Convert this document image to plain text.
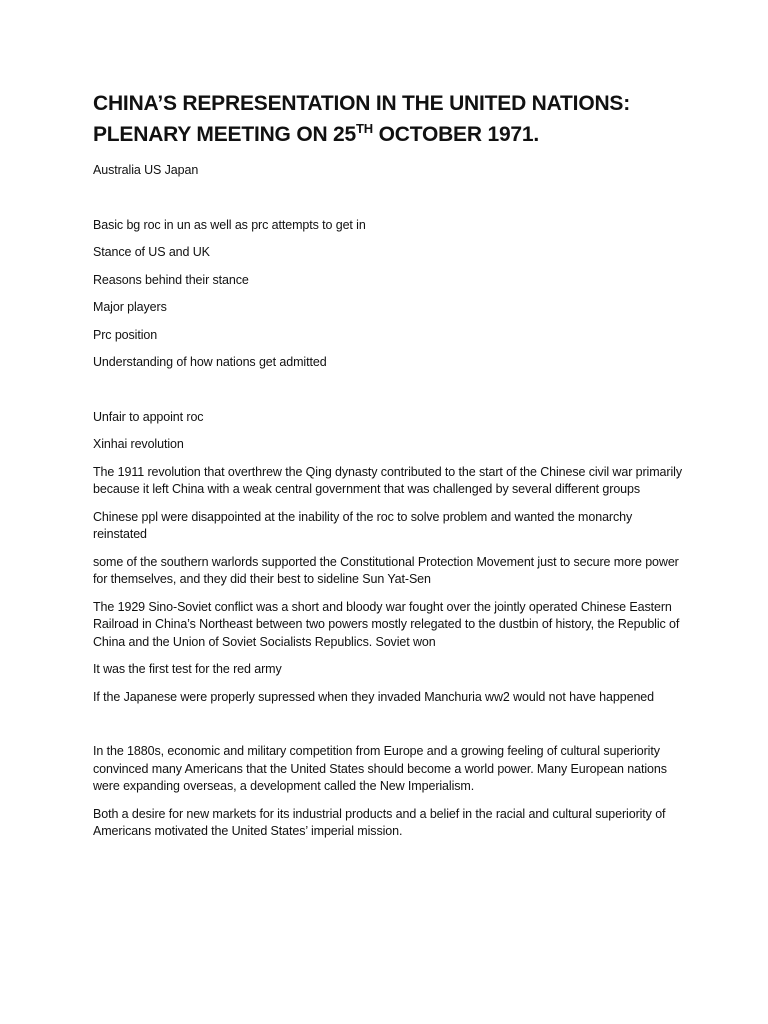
CHINA’S REPRESENTATION IN THE UNITED NATIONS: PLENARY MEETING ON 25TH OCTOBER 1971.

Australia US Japan

Basic bg roc in un as well as prc attempts to get in

Stance of US and UK

Reasons behind their stance

Major players

Prc position

Understanding of how nations get admitted

Unfair to appoint roc

Xinhai revolution

The 1911 revolution that overthrew the Qing dynasty contributed to the start of the Chinese civil war primarily because it left China with a weak central government that was challenged by several different groups

Chinese ppl were disappointed at the inability of the roc to solve problem and wanted the monarchy reinstated

some of the southern warlords supported the Constitutional Protection Movement just to secure more power for themselves, and they did their best to sideline Sun Yat-Sen

The 1929 Sino-Soviet conflict was a short and bloody war fought over the jointly operated Chinese Eastern Railroad in China’s Northeast between two powers mostly relegated to the dustbin of history, the Republic of China and the Union of Soviet Socialists Republics. Soviet won

It was the first test for the red army

If the Japanese were properly supressed when they invaded Manchuria ww2 would not have happened

In the 1880s, economic and military competition from Europe and a growing feeling of cultural superiority convinced many Americans that the United States should become a world power. Many European nations were expanding overseas, a development called the New Imperialism.

Both a desire for new markets for its industrial products and a belief in the racial and cultural superiority of Americans motivated the United States’ imperial mission.
